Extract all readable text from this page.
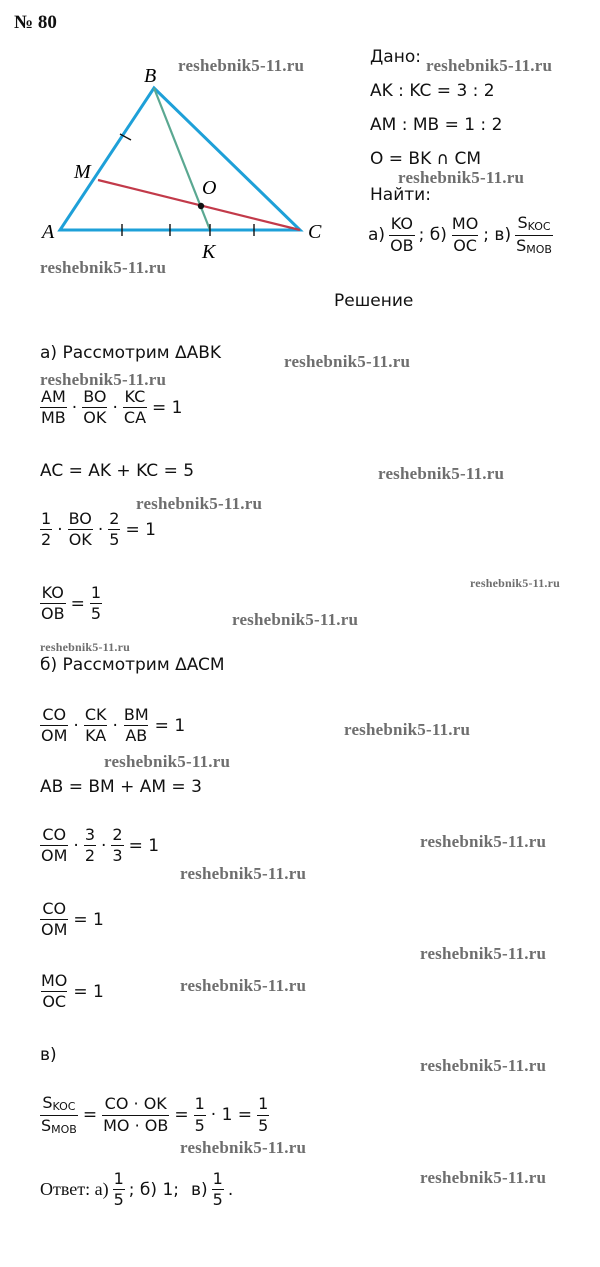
№ 80
B
M
O
A
K
C
Дано:
AK : KC = 3 : 2
AM : MB = 1 : 2
O = BK ∩ CM
Найти:
$а) \frac{KO}{OB}$ ; $б) \frac{MO}{OC}$ ; $в) \frac{\text{SKOC}}{\text{SMOB}}$
Решение
а) Рассмотрим ΔABK
$\frac{AM}{MB} \cdot \frac{BO}{OK} \cdot \frac{KC}{CA} = 1$
AC = AK + KC = 5
$\frac{1}{2} \cdot \frac{BO}{OK} \cdot \frac{2}{5} = 1$
$\frac{KO}{OB} = \frac{1}{5}$
б) Рассмотрим ΔACM
$\frac{CO}{OM} \cdot \frac{CK}{KA} \cdot \frac{BM}{AB} = 1$
AB = BM + AM = 3
$\frac{CO}{OM} \cdot \frac{3}{2} \cdot \frac{2}{3} = 1$
$\frac{CO}{OM} = 1$
$\frac{MO}{OC} = 1$
в)
$\frac{\text{SKOC}}{\text{SMOB}} = \frac{CO \cdot OK}{MO \cdot OB} = \frac{1}{5} \cdot 1 = \frac{1}{5}$
Ответ: $а) \frac{1}{5}$ ; б) 1; $в) \frac{1}{5}$ .
reshebnik5-11.ru	reshebnik5-11.ru
reshebnik5-11.ru
reshebnik5-11.ru
reshebnik5-11.ru
reshebnik5-11.ru
reshebnik5-11.ru
reshebnik5-11.ru
reshebnik5-11.ru
reshebnik5-11.ru
reshebnik5-11.ru
reshebnik5-11.ru
reshebnik5-11.ru
reshebnik5-11.ru
reshebnik5-11.ru
reshebnik5-11.ru
reshebnik5-11.ru
reshebnik5-11.ru
reshebnik5-11.ru
reshebnik5-11.ru
